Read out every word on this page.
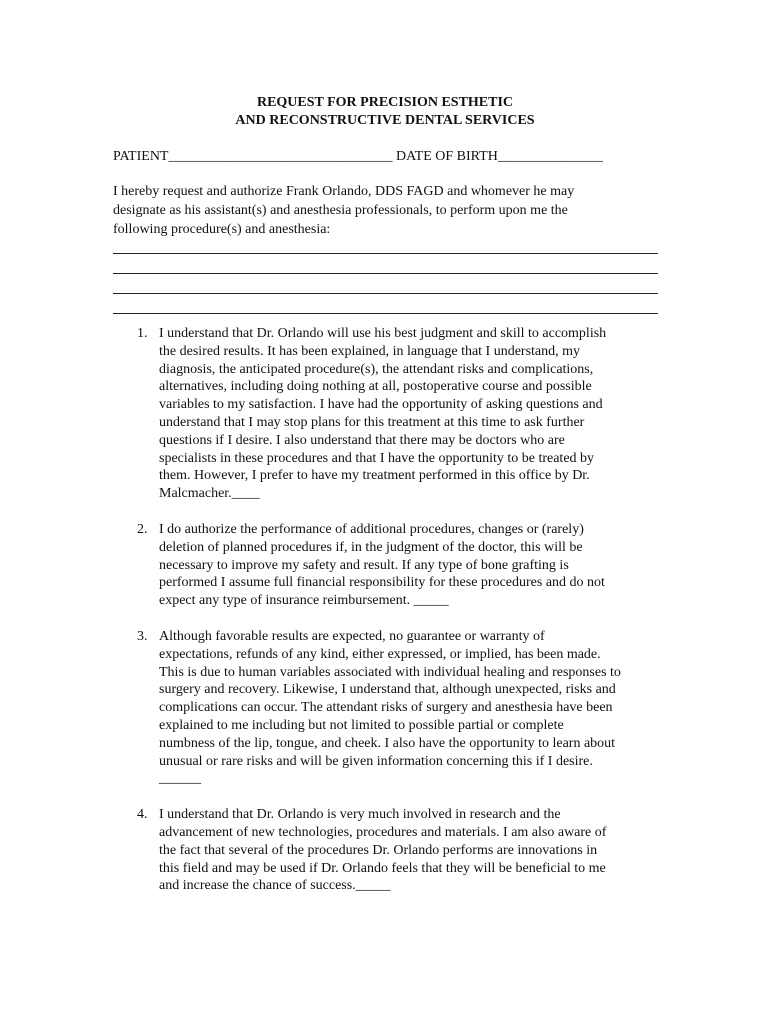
REQUEST FOR PRECISION ESTHETIC
AND RECONSTRUCTIVE DENTAL SERVICES
PATIENT________________________________ DATE OF BIRTH_______________
I hereby request and authorize Frank Orlando, DDS FAGD and whomever he may
designate as his assistant(s) and anesthesia professionals, to perform upon me the
following procedure(s) and anesthesia:
1. I understand that Dr. Orlando will use his best judgment and skill to accomplish
the desired results. It has been explained, in language that I understand, my
diagnosis, the anticipated procedure(s), the attendant risks and complications,
alternatives, including doing nothing at all, postoperative course and possible
variables to my satisfaction. I have had the opportunity of asking questions and
understand that I may stop plans for this treatment at this time to ask further
questions if I desire. I also understand that there may be doctors who are
specialists in these procedures and that I have the opportunity to be treated by
them. However, I prefer to have my treatment performed in this office by Dr.
Malcmacher.____
2. I do authorize the performance of additional procedures, changes or (rarely)
deletion of planned procedures if, in the judgment of the doctor, this will be
necessary to improve my safety and result. If any type of bone grafting is
performed I assume full financial responsibility for these procedures and do not
expect any type of insurance reimbursement. _____
3. Although favorable results are expected, no guarantee or warranty of
expectations, refunds of any kind, either expressed, or implied, has been made.
This is due to human variables associated with individual healing and responses to
surgery and recovery. Likewise, I understand that, although unexpected, risks and
complications can occur. The attendant risks of surgery and anesthesia have been
explained to me including but not limited to possible partial or complete
numbness of the lip, tongue, and cheek. I also have the opportunity to learn about
unusual or rare risks and will be given information concerning this if I desire.
______
4. I understand that Dr. Orlando is very much involved in research and the
advancement of new technologies, procedures and materials. I am also aware of
the fact that several of the procedures Dr. Orlando performs are innovations in
this field and may be used if Dr. Orlando feels that they will be beneficial to me
and increase the chance of success._____
